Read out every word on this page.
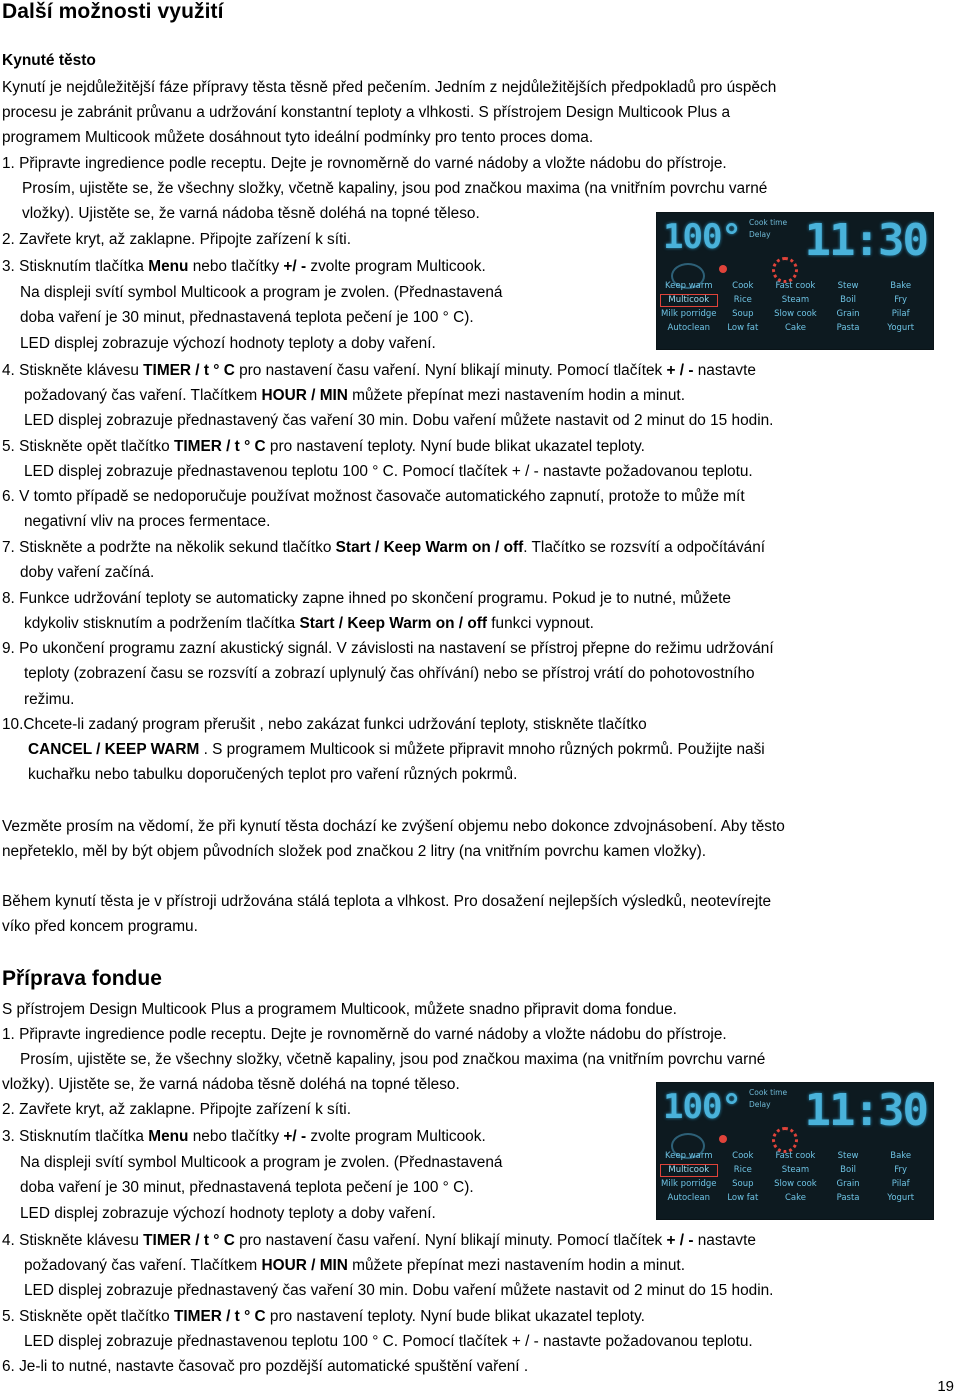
Další možnosti využití
Kynuté těsto
Kynutí je nejdůležitější fáze přípravy těsta těsně před pečením. Jedním z nejdůležitějších předpokladů pro úspěch
procesu je zabránit průvanu a udržování konstantní teploty a vlhkosti. S přístrojem Design Multicook Plus a
programem Multicook můžete dosáhnout tyto ideální podmínky pro tento proces doma.
1. Připravte ingredience podle receptu. Dejte je rovnoměrně do varné nádoby a vložte nádobu do přístroje.
Prosím, ujistěte se, že všechny složky, včetně kapaliny, jsou pod značkou maxima (na vnitřním povrchu varné
vložky). Ujistěte se, že varná nádoba těsně doléhá na topné těleso.
2. Zavřete kryt, až zaklapne. Připojte zařízení k síti.
3. Stisknutím tlačítka Menu nebo tlačítky +/ - zvolte program Multicook.
Na displeji svítí symbol Multicook a program je zvolen. (Přednastavená
doba vaření je 30 minut, přednastavená teplota pečení je 100 ° C).
LED displej zobrazuje výchozí hodnoty teploty a doby vaření.
100° Cook time
Delay 11:30
Keep warm	Cook	Fast cook	Stew	Bake
Multicook	Rice	Steam	Boil	Fry
Milk porridge	Soup	Slow cook	Grain	Pilaf
Autoclean	Low fat	Cake	Pasta	Yogurt
4. Stiskněte klávesu TIMER / t ° C pro nastavení času vaření. Nyní blikají minuty. Pomocí tlačítek + / - nastavte
požadovaný čas vaření. Tlačítkem HOUR / MIN můžete přepínat mezi nastavením hodin a minut.
LED displej zobrazuje přednastavený čas vaření 30 min. Dobu vaření můžete nastavit od 2 minut do 15 hodin.
5. Stiskněte opět tlačítko TIMER / t ° C pro nastavení teploty. Nyní bude blikat ukazatel teploty.
LED displej zobrazuje přednastavenou teplotu 100 ° C. Pomocí tlačítek + / - nastavte požadovanou teplotu.
6. V tomto případě se nedoporučuje používat možnost časovače automatického zapnutí, protože to může mít
negativní vliv na proces fermentace.
7. Stiskněte a podržte na několik sekund tlačítko Start / Keep Warm on / off. Tlačítko se rozsvítí a odpočítávání
doby vaření začíná.
8. Funkce udržování teploty se automaticky zapne ihned po skončení programu. Pokud je to nutné, můžete
kdykoliv stisknutím a podržením tlačítka Start / Keep Warm on / off funkci vypnout.
9. Po ukončení programu zazní akustický signál. V závislosti na nastavení se přístroj přepne do režimu udržování
teploty (zobrazení času se rozsvítí a zobrazí uplynulý čas ohřívání) nebo se přístroj vrátí do pohotovostního
režimu.
10.Chcete-li zadaný program přerušit , nebo zakázat funkci udržování teploty, stiskněte tlačítko
CANCEL / KEEP WARM . S programem Multicook si můžete připravit mnoho různých pokrmů. Použijte naši
kuchařku nebo tabulku doporučených teplot pro vaření různých pokrmů.
Vezměte prosím na vědomí, že při kynutí těsta dochází ke zvýšení objemu nebo dokonce zdvojnásobení. Aby těsto
nepřeteklo, měl by být objem původních složek pod značkou 2 litry (na vnitřním povrchu kamen vložky).
Během kynutí těsta je v přístroji udržována stálá teplota a vlhkost. Pro dosažení nejlepších výsledků, neotevírejte
víko před koncem programu.
Příprava fondue
S přístrojem Design Multicook Plus a programem Multicook, můžete snadno připravit doma fondue.
1. Připravte ingredience podle receptu. Dejte je rovnoměrně do varné nádoby a vložte nádobu do přístroje.
Prosím, ujistěte se, že všechny složky, včetně kapaliny, jsou pod značkou maxima (na vnitřním povrchu varné
vložky). Ujistěte se, že varná nádoba těsně doléhá na topné těleso.
2. Zavřete kryt, až zaklapne. Připojte zařízení k síti.
3. Stisknutím tlačítka Menu nebo tlačítky +/ - zvolte program Multicook.
Na displeji svítí symbol Multicook a program je zvolen. (Přednastavená
doba vaření je 30 minut, přednastavená teplota pečení je 100 ° C).
LED displej zobrazuje výchozí hodnoty teploty a doby vaření.
100° Cook time
Delay 11:30
Keep warm	Cook	Fast cook	Stew	Bake
Multicook	Rice	Steam	Boil	Fry
Milk porridge	Soup	Slow cook	Grain	Pilaf
Autoclean	Low fat	Cake	Pasta	Yogurt
4. Stiskněte klávesu TIMER / t ° C pro nastavení času vaření. Nyní blikají minuty. Pomocí tlačítek + / - nastavte
požadovaný čas vaření. Tlačítkem HOUR / MIN můžete přepínat mezi nastavením hodin a minut.
LED displej zobrazuje přednastavený čas vaření 30 min. Dobu vaření můžete nastavit od 2 minut do 15 hodin.
5. Stiskněte opět tlačítko TIMER / t ° C pro nastavení teploty. Nyní bude blikat ukazatel teploty.
LED displej zobrazuje přednastavenou teplotu 100 ° C. Pomocí tlačítek + / - nastavte požadovanou teplotu.
6. Je-li to nutné, nastavte časovač pro pozdější automatické spuštění vaření .
19
